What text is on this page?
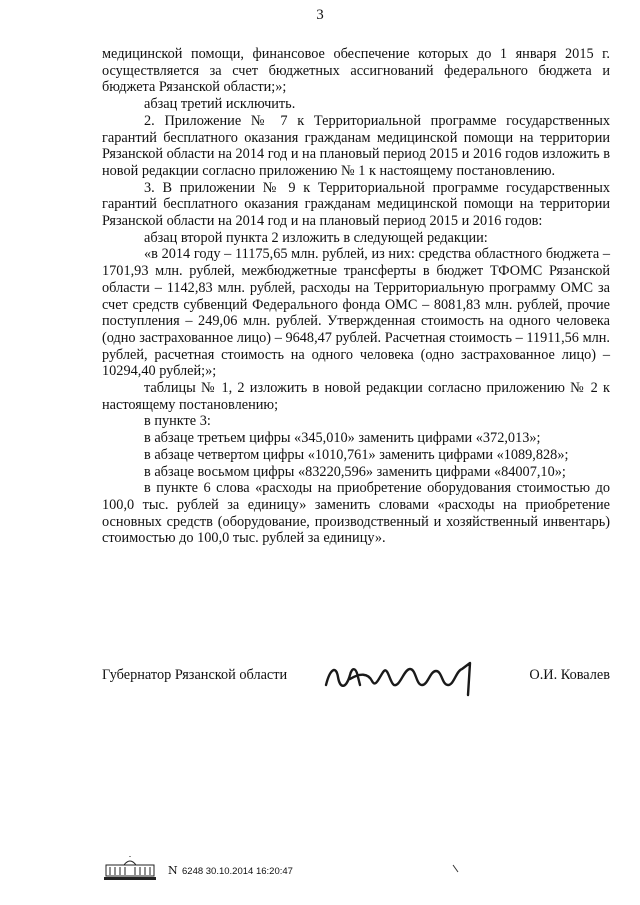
3

медицинской помощи, финансовое обеспечение которых до 1 января 2015 г. осуществляется за счет бюджетных ассигнований федерального бюджета и бюджета Рязанской области;»;

абзац третий исключить.

2. Приложение № 7 к Территориальной программе государственных гарантий бесплатного оказания гражданам медицинской помощи на территории Рязанской области на 2014 год и на плановый период 2015 и 2016 годов изложить в новой редакции согласно приложению № 1 к настоящему постановлению.

3. В приложении № 9 к Территориальной программе государственных гарантий бесплатного оказания гражданам медицинской помощи на территории Рязанской области на 2014 год и на плановый период 2015 и 2016 годов:

абзац второй пункта 2 изложить в следующей редакции:

«в 2014 году – 11175,65 млн. рублей, из них: средства областного бюджета – 1701,93 млн. рублей, межбюджетные трансферты в бюджет ТФОМС Рязанской области – 1142,83 млн. рублей, расходы на Территориальную программу ОМС за счет средств субвенций Федерального фонда ОМС – 8081,83 млн. рублей, прочие поступления – 249,06 млн. рублей. Утвержденная стоимость на одного человека (одно застрахованное лицо) – 9648,47 рублей. Расчетная стоимость – 11911,56 млн. рублей, расчетная стоимость на одного человека (одно застрахованное лицо) – 10294,40 рублей;»;

таблицы № 1, 2 изложить в новой редакции согласно приложению № 2 к настоящему постановлению;

в пункте 3:

в абзаце третьем цифры «345,010» заменить цифрами «372,013»;

в абзаце четвертом цифры «1010,761» заменить цифрами «1089,828»;

в абзаце восьмом цифры «83220,596» заменить цифрами «84007,10»;

в пункте 6 слова «расходы на приобретение оборудования стоимостью до 100,0 тыс. рублей за единицу» заменить словами «расходы на приобретение основных средств (оборудование, производственный и хозяйственный инвентарь) стоимостью до 100,0 тыс. рублей за единицу».

Губернатор Рязанской области	О.И. Ковалев
N 6248 30.10.2014 16:20:47
